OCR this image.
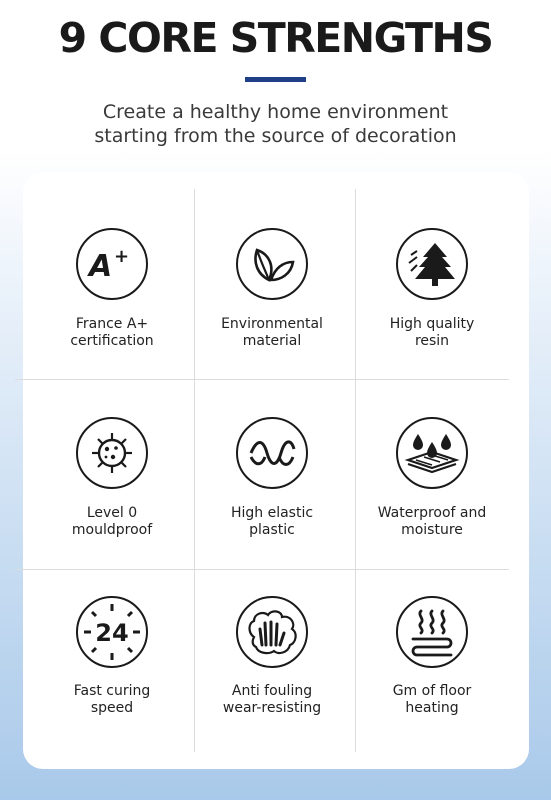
9 CORE STRENGTHS
Create a healthy home environment
starting from the source of decoration
A +
France A+
certification
Environmental
material
High quality
resin
Level 0
mouldproof
High elastic
plastic
Waterproof and
moisture
24
Fast curing
speed
Anti fouling
wear-resisting
Gm of floor
heating
